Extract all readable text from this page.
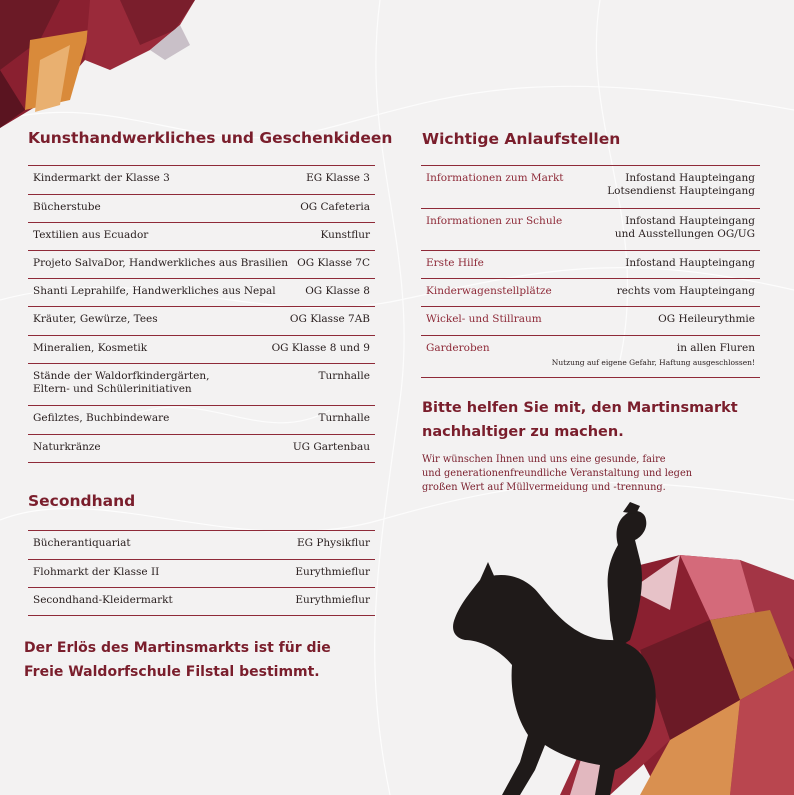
Kunsthandwerkliches und Geschenkideen
Kindermarkt der Klasse 3	EG Klasse 3
Bücherstube	OG Cafeteria
Textilien aus Ecuador	Kunstflur
Projeto SalvaDor, Handwerkliches aus Brasilien OG Klasse 7C
Shanti Leprahilfe, Handwerkliches aus Nepal	OG Klasse 8
Kräuter, Gewürze, Tees	OG Klasse 7AB
Mineralien, Kosmetik	OG Klasse 8 und 9
Stände der Waldorfkindergärten,
Eltern- und Schülerinitiativen
Turnhalle
Gefilztes, Buchbindeware	Turnhalle
Naturkränze	UG Gartenbau
Secondhand
Bücherantiquariat	EG Physikflur
Flohmarkt der Klasse II	Eurythmieflur
Secondhand-Kleidermarkt	Eurythmieflur
Der Erlös des Martinsmarkts ist für die
Freie Waldorfschule Filstal bestimmt.
Wichtige Anlaufstellen
Informationen zum Markt	Infostand Haupteingang
Lotsendienst Haupteingang
Informationen zur Schule	Infostand Haupteingang
und Ausstellungen OG/UG
Erste Hilfe	Infostand Haupteingang
Kinderwagenstellplätze	rechts vom Haupteingang
Wickel- und Stillraum	OG Heileurythmie
Garderoben	in allen Fluren
Nutzung auf eigene Gefahr, Haftung ausgeschlossen!
Bitte helfen Sie mit, den Martinsmarkt
nachhaltiger zu machen.
Wir wünschen Ihnen und uns eine gesunde, faire
und generationenfreundliche Veranstaltung und legen
großen Wert auf Müllvermeidung und -trennung.
